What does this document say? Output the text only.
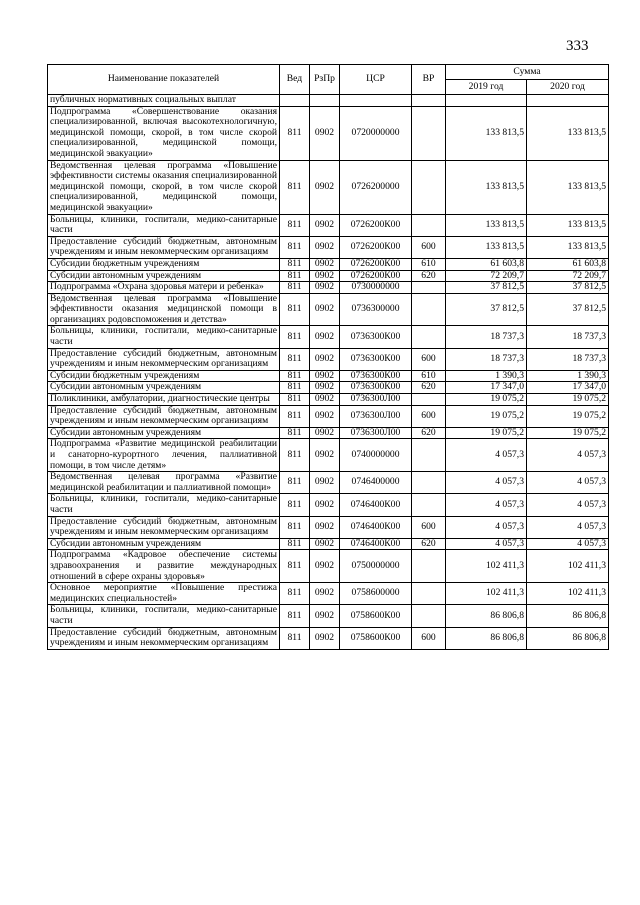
333
Наименование показателей	Вед	РзПр	ЦСР	ВР	Сумма	
					2019 год	2020 год
публичных нормативных социальных выплат						
Подпрограмма «Совершенствование оказания специализированной, включая высокотехнологичную, медицинской помощи, скорой, в том числе скорой специализированной, медицинской помощи, медицинской эвакуации»	811	0902	0720000000		133 813,5	133 813,5
Ведомственная целевая программа «Повышение эффективности системы оказания специализированной медицинской помощи, скорой, в том числе скорой специализированной, медицинской помощи, медицинской эвакуации»	811	0902	0726200000		133 813,5	133 813,5
Больницы, клиники, госпитали, медико-санитарные части	811	0902	0726200К00		133 813,5	133 813,5
Предоставление субсидий бюджетным, автономным учреждениям и иным некоммерческим организациям	811	0902	0726200К00	600	133 813,5	133 813,5
Субсидии бюджетным учреждениям	811	0902	0726200К00	610	61 603,8	61 603,8
Субсидии автономным учреждениям	811	0902	0726200К00	620	72 209,7	72 209,7
Подпрограмма «Охрана здоровья матери и ребенка»	811	0902	0730000000		37 812,5	37 812,5
Ведомственная целевая программа «Повышение эффективности оказания медицинской помощи в организациях родовспоможения и детства»	811	0902	0736300000		37 812,5	37 812,5
Больницы, клиники, госпитали, медико-санитарные части	811	0902	0736300К00		18 737,3	18 737,3
Предоставление субсидий бюджетным, автономным учреждениям и иным некоммерческим организациям	811	0902	0736300К00	600	18 737,3	18 737,3
Субсидии бюджетным учреждениям	811	0902	0736300К00	610	1 390,3	1 390,3
Субсидии автономным учреждениям	811	0902	0736300К00	620	17 347,0	17 347,0
Поликлиники, амбулатории, диагностические центры	811	0902	0736300Л00		19 075,2	19 075,2
Предоставление субсидий бюджетным, автономным учреждениям и иным некоммерческим организациям	811	0902	0736300Л00	600	19 075,2	19 075,2
Субсидии автономным учреждениям	811	0902	0736300Л00	620	19 075,2	19 075,2
Подпрограмма «Развитие медицинской реабилитации и санаторно-курортного лечения, паллиативной помощи, в том числе детям»	811	0902	0740000000		4 057,3	4 057,3
Ведомственная целевая программа «Развитие медицинской реабилитации и паллиативной помощи»	811	0902	0746400000		4 057,3	4 057,3
Больницы, клиники, госпитали, медико-санитарные части	811	0902	0746400К00		4 057,3	4 057,3
Предоставление субсидий бюджетным, автономным учреждениям и иным некоммерческим организациям	811	0902	0746400К00	600	4 057,3	4 057,3
Субсидии автономным учреждениям	811	0902	0746400К00	620	4 057,3	4 057,3
Подпрограмма «Кадровое обеспечение системы здравоохранения и развитие международных отношений в сфере охраны здоровья»	811	0902	0750000000		102 411,3	102 411,3
Основное мероприятие «Повышение престижа медицинских специальностей»	811	0902	0758600000		102 411,3	102 411,3
Больницы, клиники, госпитали, медико-санитарные части	811	0902	0758600К00		86 806,8	86 806,8
Предоставление субсидий бюджетным, автономным учреждениям и иным некоммерческим организациям	811	0902	0758600К00	600	86 806,8	86 806,8
